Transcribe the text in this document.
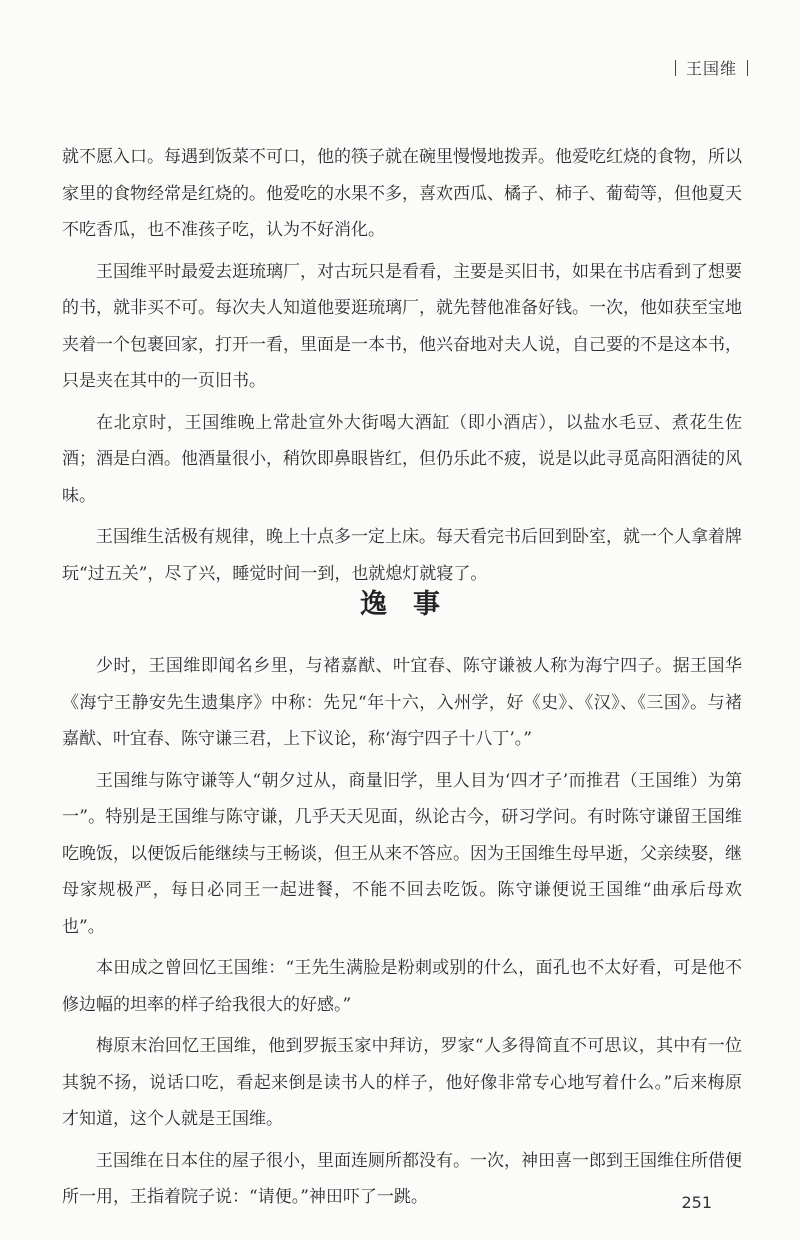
王国维

就不愿入口。每遇到饭菜不可口，他的筷子就在碗里慢慢地拨弄。他爱吃红烧的食物，所以家里的食物经常是红烧的。他爱吃的水果不多，喜欢西瓜、橘子、柿子、葡萄等，但他夏天不吃香瓜，也不准孩子吃，认为不好消化。

王国维平时最爱去逛琉璃厂，对古玩只是看看，主要是买旧书，如果在书店看到了想要的书，就非买不可。每次夫人知道他要逛琉璃厂，就先替他准备好钱。一次，他如获至宝地夹着一个包裹回家，打开一看，里面是一本书，他兴奋地对夫人说，自己要的不是这本书，只是夹在其中的一页旧书。

在北京时，王国维晚上常赴宣外大街喝大酒缸（即小酒店），以盐水毛豆、煮花生佐酒；酒是白酒。他酒量很小，稍饮即鼻眼皆红，但仍乐此不疲，说是以此寻觅高阳酒徒的风味。

王国维生活极有规律，晚上十点多一定上床。每天看完书后回到卧室，就一个人拿着牌玩“过五关”，尽了兴，睡觉时间一到，也就熄灯就寝了。

逸事

少时，王国维即闻名乡里，与褚嘉猷、叶宜春、陈守谦被人称为海宁四子。据王国华《海宁王静安先生遗集序》中称：先兄“年十六，入州学，好《史》、《汉》、《三国》。与褚嘉猷、叶宜春、陈守谦三君，上下议论，称‘海宁四子十八丁’。”

王国维与陈守谦等人“朝夕过从，商量旧学，里人目为‘四才子’而推君（王国维）为第一”。特别是王国维与陈守谦，几乎天天见面，纵论古今，研习学问。有时陈守谦留王国维吃晚饭，以便饭后能继续与王畅谈，但王从来不答应。因为王国维生母早逝，父亲续娶，继母家规极严，每日必同王一起进餐，不能不回去吃饭。陈守谦便说王国维“曲承后母欢也”。

本田成之曾回忆王国维：“王先生满脸是粉刺或别的什么，面孔也不太好看，可是他不修边幅的坦率的样子给我很大的好感。”

梅原末治回忆王国维，他到罗振玉家中拜访，罗家“人多得简直不可思议，其中有一位其貌不扬，说话口吃，看起来倒是读书人的样子，他好像非常专心地写着什么。”后来梅原才知道，这个人就是王国维。

王国维在日本住的屋子很小，里面连厕所都没有。一次，神田喜一郎到王国维住所借便所一用，王指着院子说：“请便。”神田吓了一跳。	251
